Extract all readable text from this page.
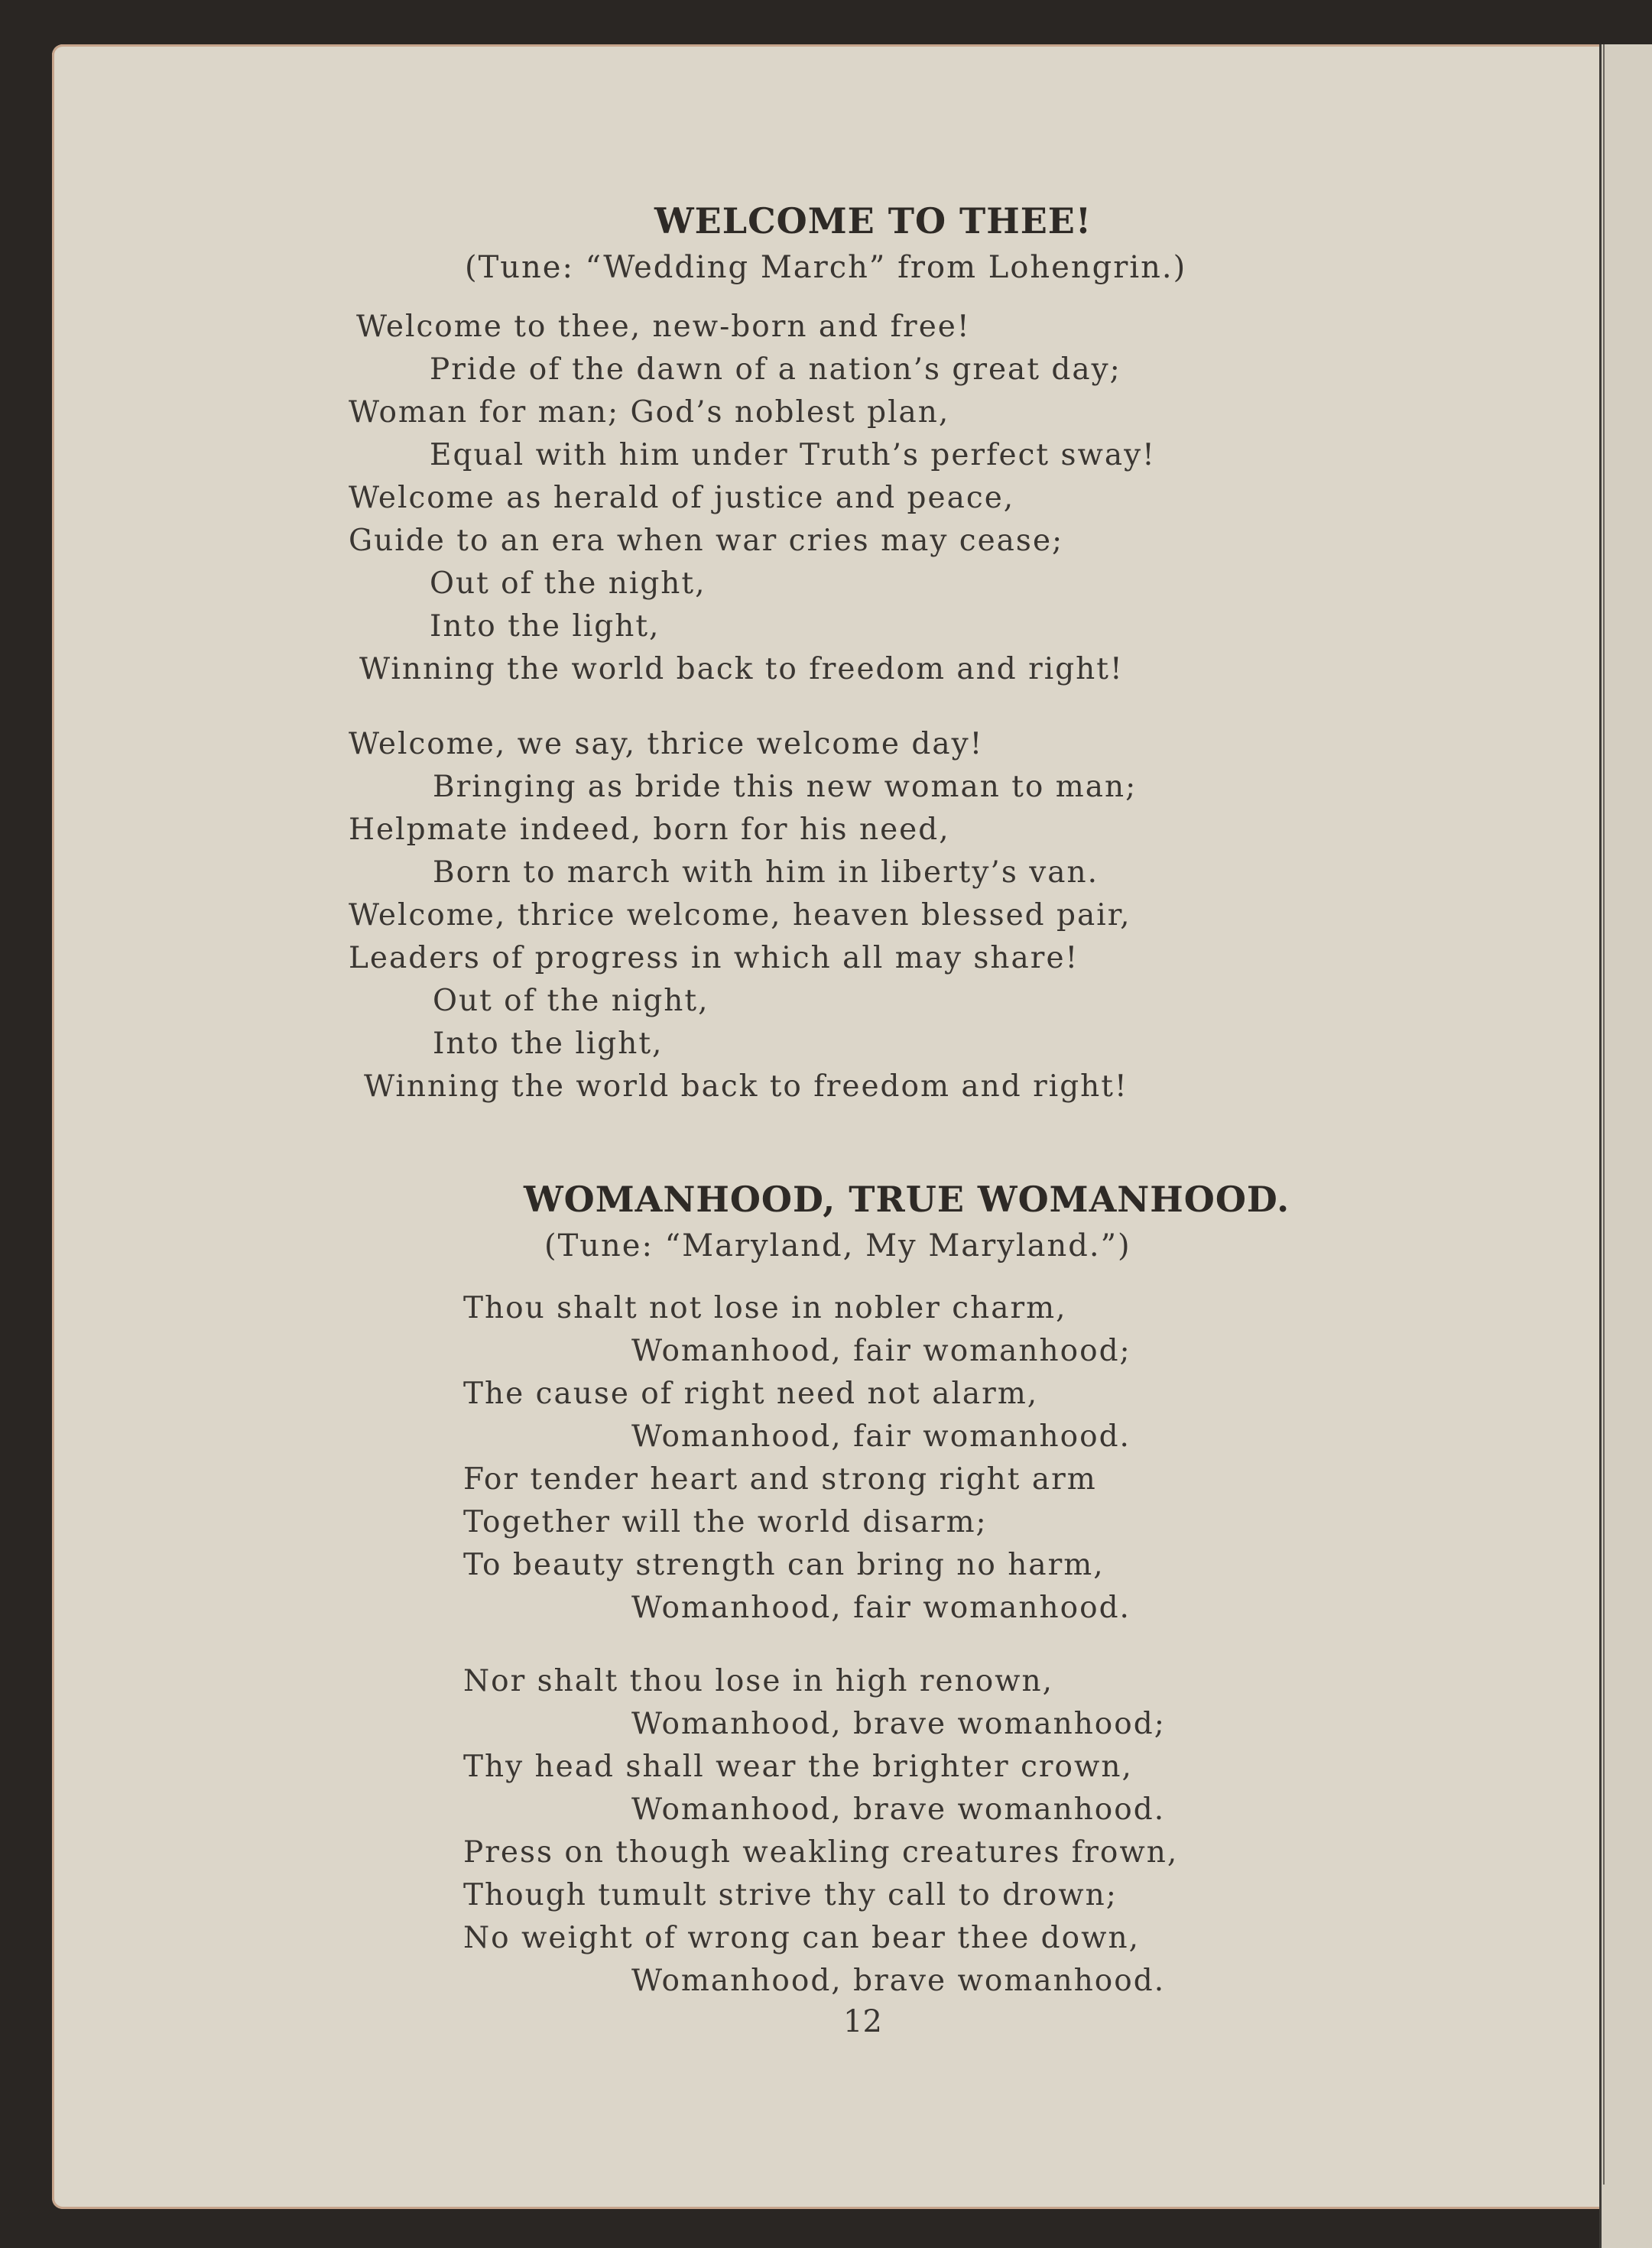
WELCOME TO THEE!
(Tune: “Wedding March” from Lohengrin.)
Welcome to thee, new-born and free!
Pride of the dawn of a nation’s great day;
Woman for man; God’s noblest plan,
Equal with him under Truth’s perfect sway!
Welcome as herald of justice and peace,
Guide to an era when war cries may cease;
Out of the night,
Into the light,
Winning the world back to freedom and right!
Welcome, we say, thrice welcome day!
Bringing as bride this new woman to man;
Helpmate indeed, born for his need,
Born to march with him in liberty’s van.
Welcome, thrice welcome, heaven blessed pair,
Leaders of progress in which all may share!
Out of the night,
Into the light,
Winning the world back to freedom and right!
WOMANHOOD, TRUE WOMANHOOD.
(Tune: “Maryland, My Maryland.”)
Thou shalt not lose in nobler charm,
Womanhood, fair womanhood;
The cause of right need not alarm,
Womanhood, fair womanhood.
For tender heart and strong right arm
Together will the world disarm;
To beauty strength can bring no harm,
Womanhood, fair womanhood.
Nor shalt thou lose in high renown,
Womanhood, brave womanhood;
Thy head shall wear the brighter crown,
Womanhood, brave womanhood.
Press on though weakling creatures frown,
Though tumult strive thy call to drown;
No weight of wrong can bear thee down,
Womanhood, brave womanhood.
12
